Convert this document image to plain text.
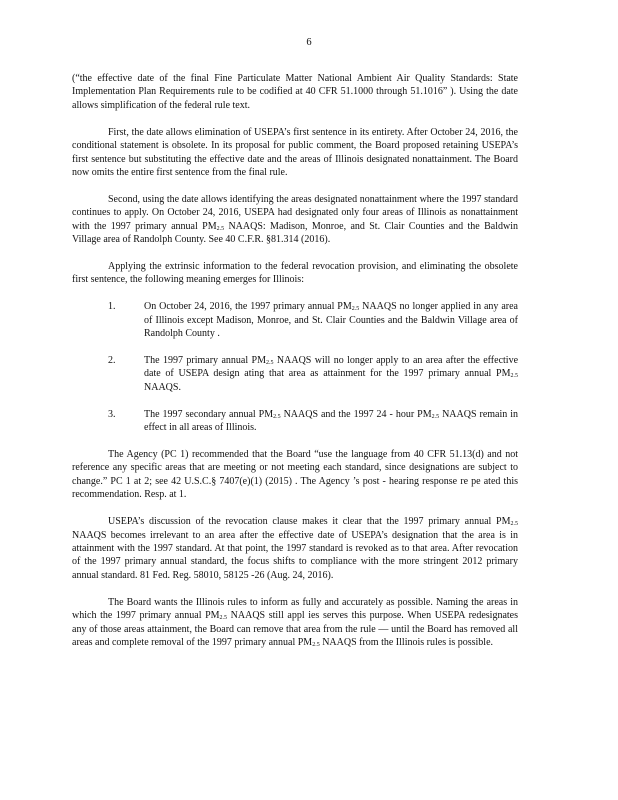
6

(“the effective date of the final Fine Particulate Matter National Ambient Air Quality Standards: State Implementation Plan Requirements rule to be codified at 40 CFR 51.1000 through 51.1016” ). Using the date allows simplification of the federal rule text.

First, the date allows elimination of USEPA’s first sentence in its entirety. After October 24, 2016, the conditional statement is obsolete. In its proposal for public comment, the Board proposed retaining USEPA’s first sentence but substituting the effective date and the areas of Illinois designated nonattainment. The Board now omits the entire first sentence from the final rule.

Second, using the date allows identifying the areas designated nonattainment where the 1997 standard continues to apply. On October 24, 2016, USEPA had designated only four areas of Illinois as nonattainment with the 1997 primary annual $PM_{2.5}$ NAAQS: Madison, Monroe, and St. Clair Counties and the Baldwin Village area of Randolph County. See 40 C.F.R. §81.314 (2016).

Applying the extrinsic information to the federal revocation provision, and eliminating the obsolete first sentence, the following meaning emerges for Illinois:

1.	On October 24, 2016, the 1997 primary annual $PM_{2.5}$ NAAQS no longer applied in any area of Illinois except Madison, Monroe, and St. Clair Counties and the Baldwin Village area of Randolph County .
2.	The 1997 primary annual $PM_{2.5}$ NAAQS will no longer apply to an area after the effective date of USEPA design ating that area as attainment for the 1997 primary annual $PM_{2.5}$ NAAQS.
3.	The 1997 secondary annual $PM_{2.5}$ NAAQS and the 1997 24 - hour $PM_{2.5}$ NAAQS remain in effect in all areas of Illinois.

The Agency (PC 1) recommended that the Board “use the language from 40 CFR 51.13(d) and not reference any specific areas that are meeting or not meeting each standard, since designations are subject to change.” PC 1 at 2; see 42 U.S.C.§ 7407(e)(1) (2015) . The Agency ’s post - hearing response re pe ated this recommendation. Resp. at 1.

USEPA’s discussion of the revocation clause makes it clear that the 1997 primary annual $PM_{2.5}$ NAAQS becomes irrelevant to an area after the effective date of USEPA’s designation that the area is in attainment with the 1997 standard. At that point, the 1997 standard is revoked as to that area. After revocation of the 1997 primary annual standard, the focus shifts to compliance with the more stringent 2012 primary annual standard. 81 Fed. Reg. 58010, 58125 -26 (Aug. 24, 2016).

The Board wants the Illinois rules to inform as fully and accurately as possible. Naming the areas in which the 1997 primary annual $PM_{2.5}$ NAAQS still appl ies serves this purpose. When USEPA redesignates any of those areas attainment, the Board can remove that area from the rule — until the Board has removed all areas and complete removal of the 1997 primary annual $PM_{2.5}$ NAAQS from the Illinois rules is possible.
